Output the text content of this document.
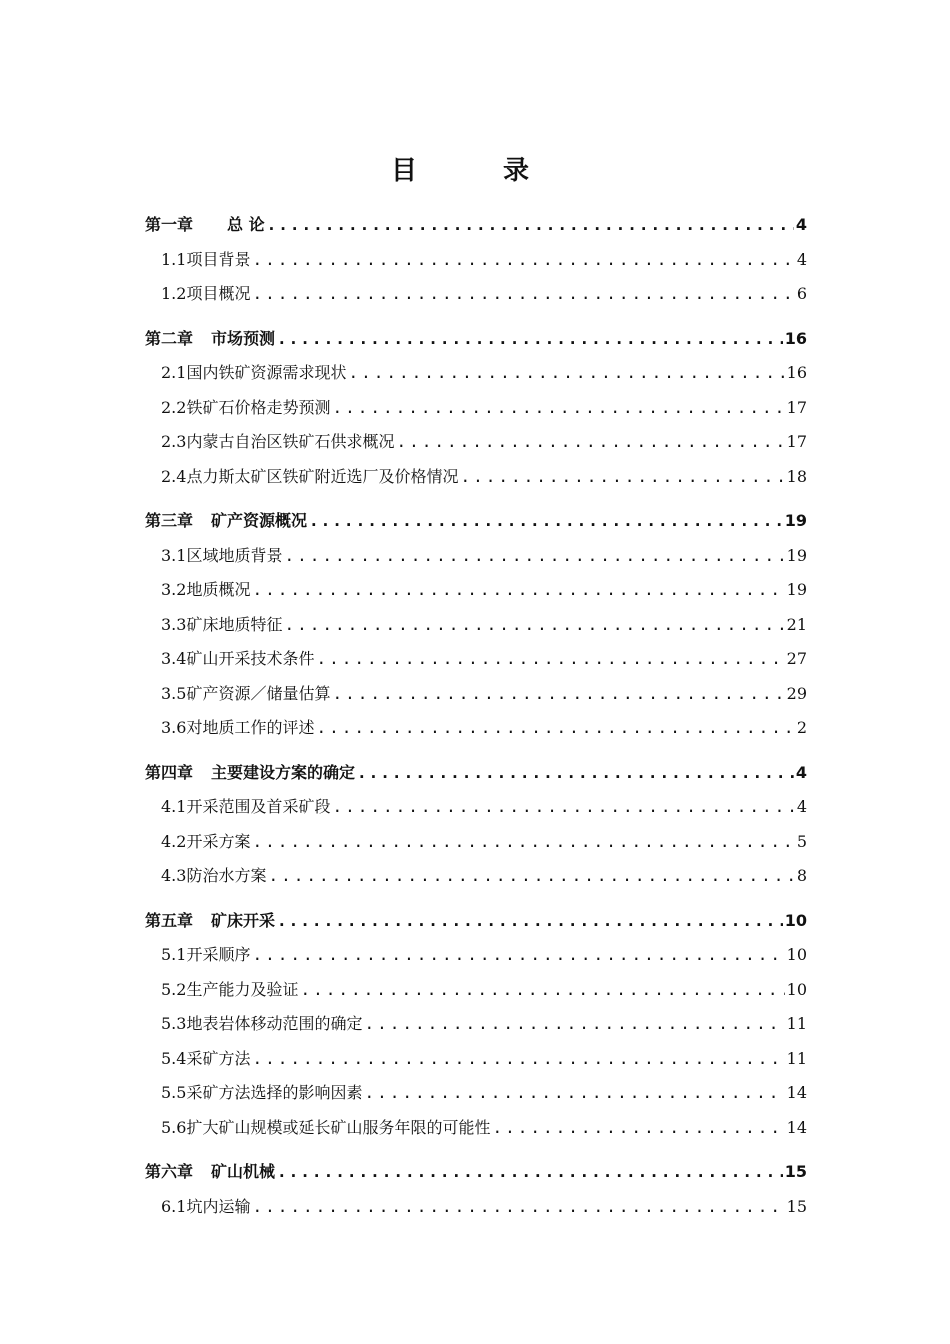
目　录
第一章　总 论 .....	4
1.1项目背景 .....	4
1.2项目概况 .....	6
第二章 市场预测 .....	16
2.1国内铁矿资源需求现状 .....	16
2.2铁矿石价格走势预测 .....	17
2.3内蒙古自治区铁矿石供求概况 .....	17
2.4点力斯太矿区铁矿附近选厂及价格情况 .....	18
第三章 矿产资源概况 .....	19
3.1区域地质背景 .....	19
3.2地质概况 .....	19
3.3矿床地质特征 .....	21
3.4矿山开采技术条件 .....	27
3.5矿产资源／储量估算 .....	29
3.6对地质工作的评述 .....	2
第四章 主要建设方案的确定 .....	4
4.1开采范围及首采矿段 .....	4
4.2开采方案 .....	5
4.3防治水方案 .....	8
第五章 矿床开采 .....	10
5.1开采顺序 .....	10
5.2生产能力及验证 .....	10
5.3地表岩体移动范围的确定 .....	11
5.4采矿方法 .....	11
5.5采矿方法选择的影响因素 .....	14
5.6扩大矿山规模或延长矿山服务年限的可能性 .....	14
第六章 矿山机械 .....	15
6.1坑内运输 .....	15
